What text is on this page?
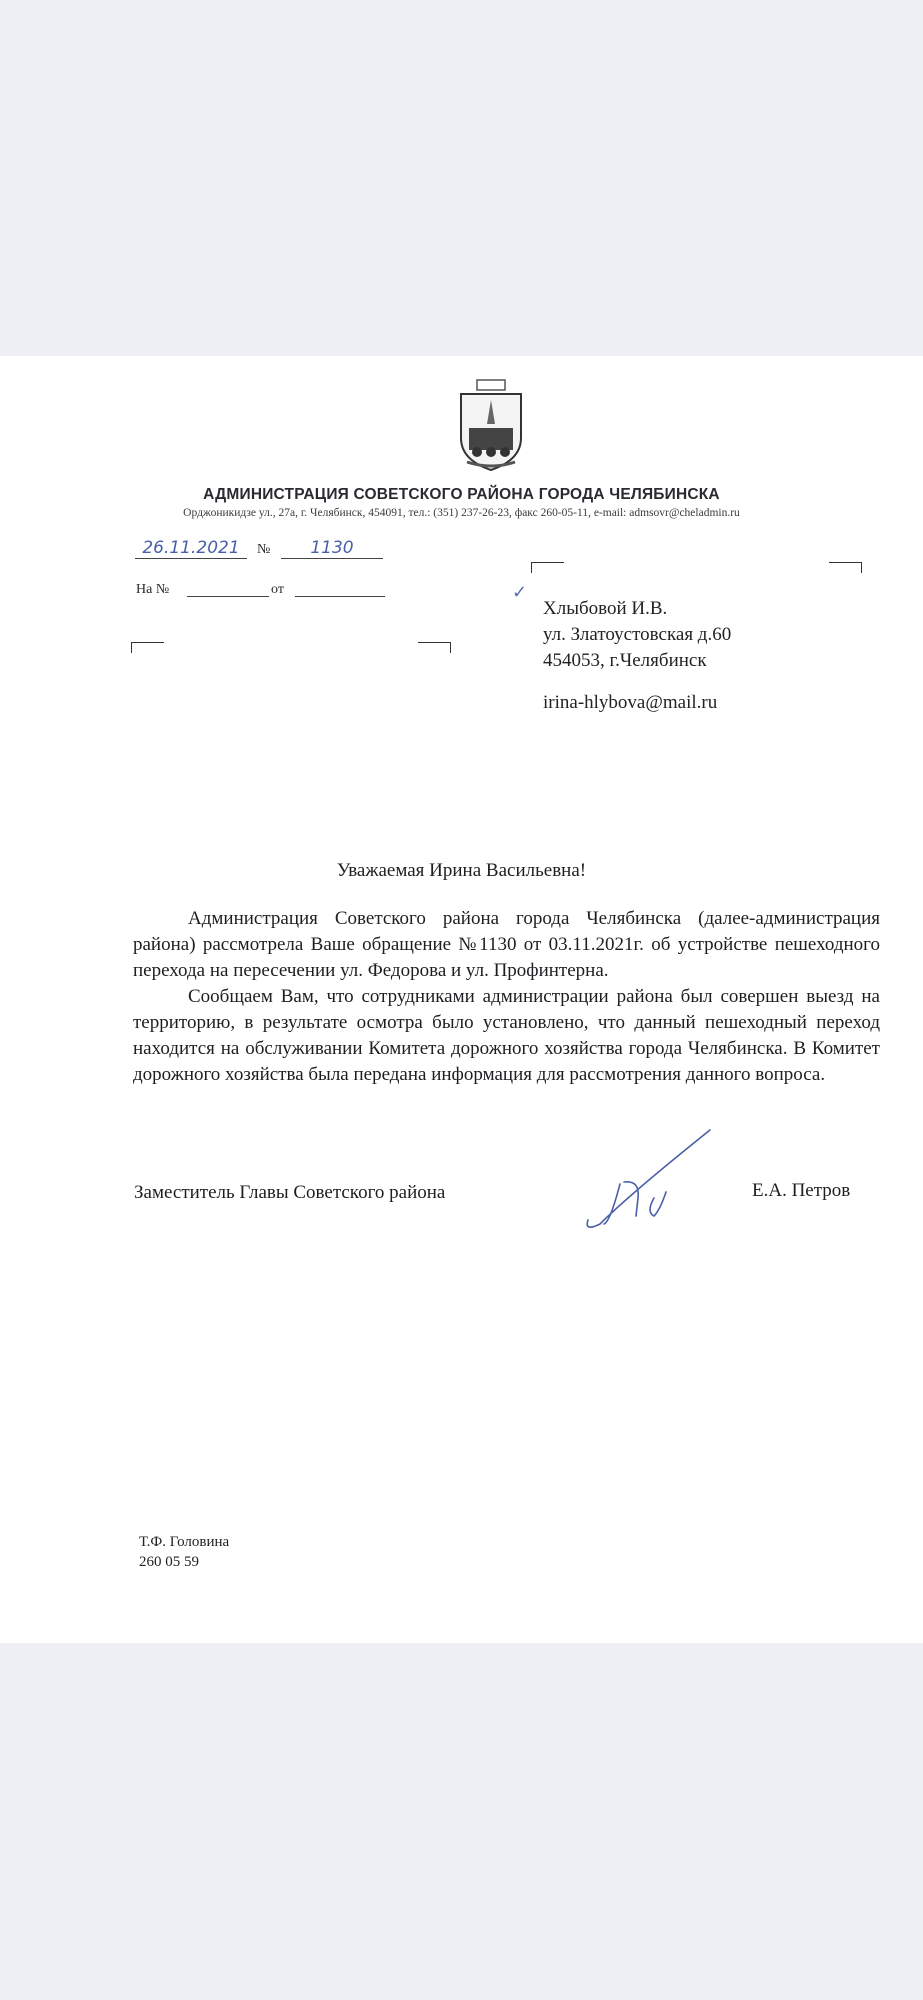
АДМИНИСТРАЦИЯ СОВЕТСКОГО РАЙОНА ГОРОДА ЧЕЛЯБИНСКА
Орджоникидзе ул., 27а, г. Челябинск, 454091, тел.: (351) 237-26-23, факс 260-05-11, e-mail: admsovr@cheladmin.ru
26.11.2021	№	1130
На №	от	✓
Хлыбовой И.В.
ул. Златоустовская д.60
454053, г.Челябинск
irina-hlybova@mail.ru
Уважаемая Ирина Васильевна!

Администрация Советского района города Челябинска (далее-администрация района) рассмотрела Ваше обращение №1130 от 03.11.2021г. об устройстве пешеходного перехода на пересечении ул. Федорова и ул. Профинтерна.

Сообщаем Вам, что сотрудниками администрации района был совершен выезд на территорию, в результате осмотра было установлено, что данный пешеходный переход находится на обслуживании Комитета дорожного хозяйства города Челябинска. В Комитет дорожного хозяйства была передана информация для рассмотрения данного вопроса.

Заместитель Главы Советского района	Е.А. Петров
Т.Ф. Головина
260 05 59
